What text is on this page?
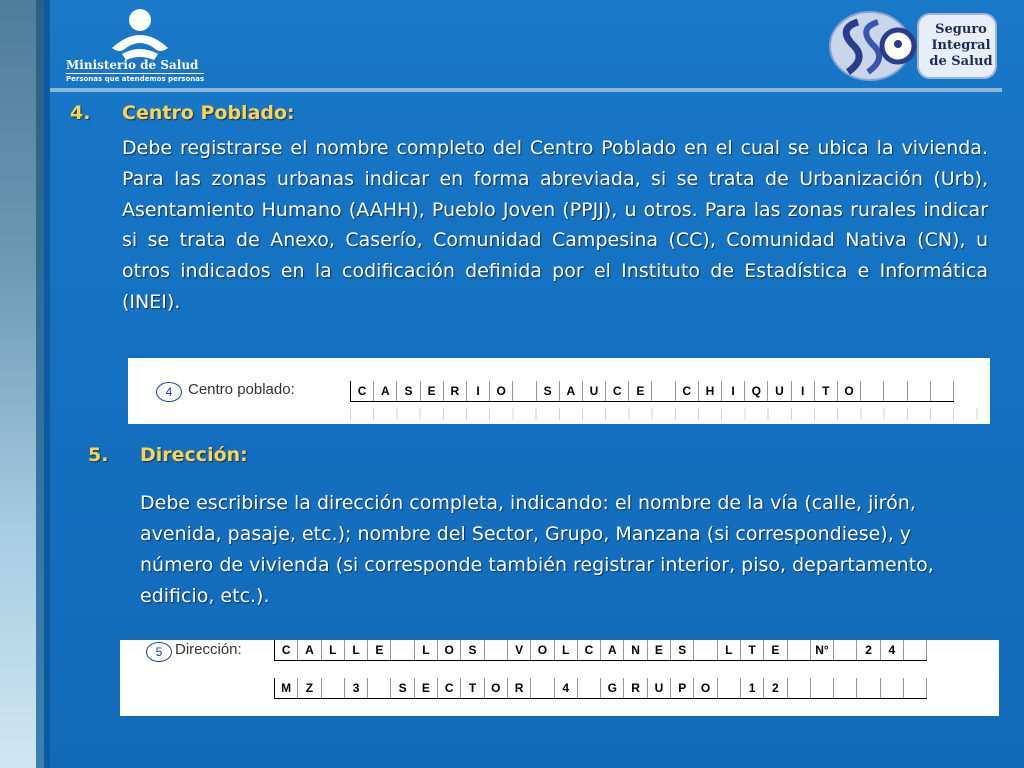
Ministerio de Salud
Personas que atendemos personas
Seguro
Integral
de Salud
4. Centro Poblado:
Debe registrarse el nombre completo del Centro Poblado en el cual se ubica la vivienda. Para las zonas urbanas indicar en forma abreviada, si se trata de Urbanización (Urb), Asentamiento Humano (AAHH), Pueblo Joven (PPJJ), u otros. Para las zonas rurales indicar si se trata de Anexo, Caserío, Comunidad Campesina (CC), Comunidad Nativa (CN), u otros indicados en la codificación definida por el Instituto de Estadística e Informática (INEI).
4	Centro poblado:	C	A	S	E	R	I	O	S	A	U	C	E	C	H	I	Q	U	I	T	O
5. Dirección:
Debe escribirse la dirección completa, indicando: el nombre de la vía (calle, jirón, avenida, pasaje, etc.); nombre del Sector, Grupo, Manzana (si correspondiese), y número de vivienda (si corresponde también registrar interior, piso, departamento, edificio, etc.).
5 Dirección:	C	A	L	L	E	L	O	S	V	O	L	C	A	N	E	S	L	T	E	N°	2	4
M	Z	3	S	E	C	T	O	R	4	G	R	U	P	O	1	2
